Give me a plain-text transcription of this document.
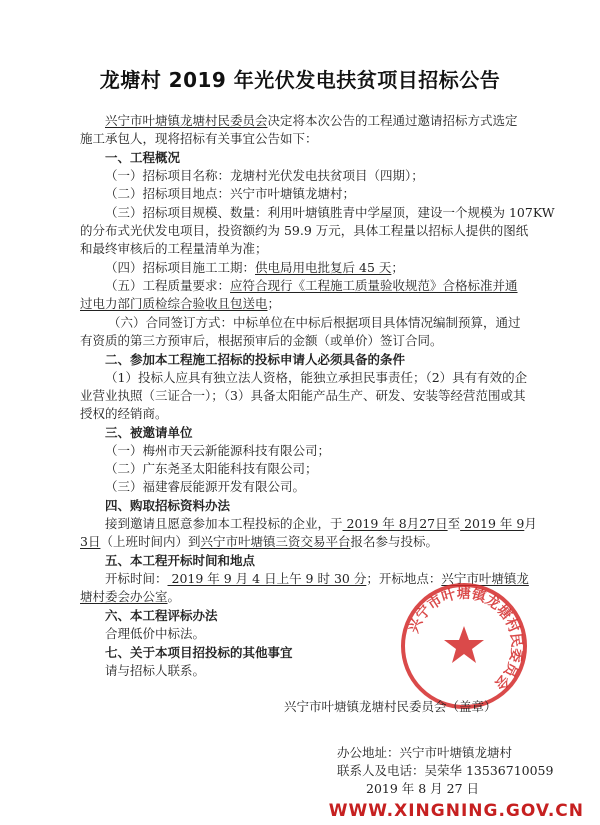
龙塘村 2019 年光伏发电扶贫项目招标公告
兴宁市叶塘镇龙塘村民委员会决定将本次公告的工程通过邀请招标方式选定
施工承包人，现将招标有关事宜公告如下：
一、工程概况
（一）招标项目名称：龙塘村光伏发电扶贫项目（四期）；
（二）招标项目地点：兴宁市叶塘镇龙塘村；
（三）招标项目规模、数量：利用叶塘镇胜青中学屋顶，建设一个规模为 107KW
的分布式光伏发电项目，投资额约为 59.9 万元，具体工程量以招标人提供的图纸
和最终审核后的工程量清单为准；
（四）招标项目施工工期：供电局用电批复后 45 天；
（五）工程质量要求：应符合现行《工程施工质量验收规范》合格标准并通
过电力部门质检综合验收且包送电；
（六）合同签订方式：中标单位在中标后根据项目具体情况编制预算，通过
有资质的第三方预审后，根据预审后的金额（或单价）签订合同。
二、参加本工程施工招标的投标申请人必须具备的条件
（1）投标人应具有独立法人资格，能独立承担民事责任；（2）具有有效的企
业营业执照（三证合一）；（3）具备太阳能产品生产、研发、安装等经营范围或其
授权的经销商。
三、被邀请单位
（一）梅州市天云新能源科技有限公司；
（二）广东尧圣太阳能科技有限公司；
（三）福建睿辰能源开发有限公司。
四、购取招标资料办法
接到邀请且愿意参加本工程投标的企业，于 2019 年 8月27日至 2019 年 9月
3日（上班时间内）到兴宁市叶塘镇三资交易平台报名参与投标。
五、本工程开标时间和地点
开标时间： 2019 年 9 月 4 日上午 9 时 30 分；开标地点：兴宁市叶塘镇龙
塘村委会办公室。
六、本工程评标办法
合理低价中标法。
七、关于本项目招投标的其他事宜
请与招标人联系。
兴宁市叶塘镇龙塘村民委员会
兴宁市叶塘镇龙塘村民委员会（盖章）
办公地址：兴宁市叶塘镇龙塘村
联系人及电话：吴荣华 13536710059
2019 年 8 月 27 日
WWW.XINGNING.GOV.CN
